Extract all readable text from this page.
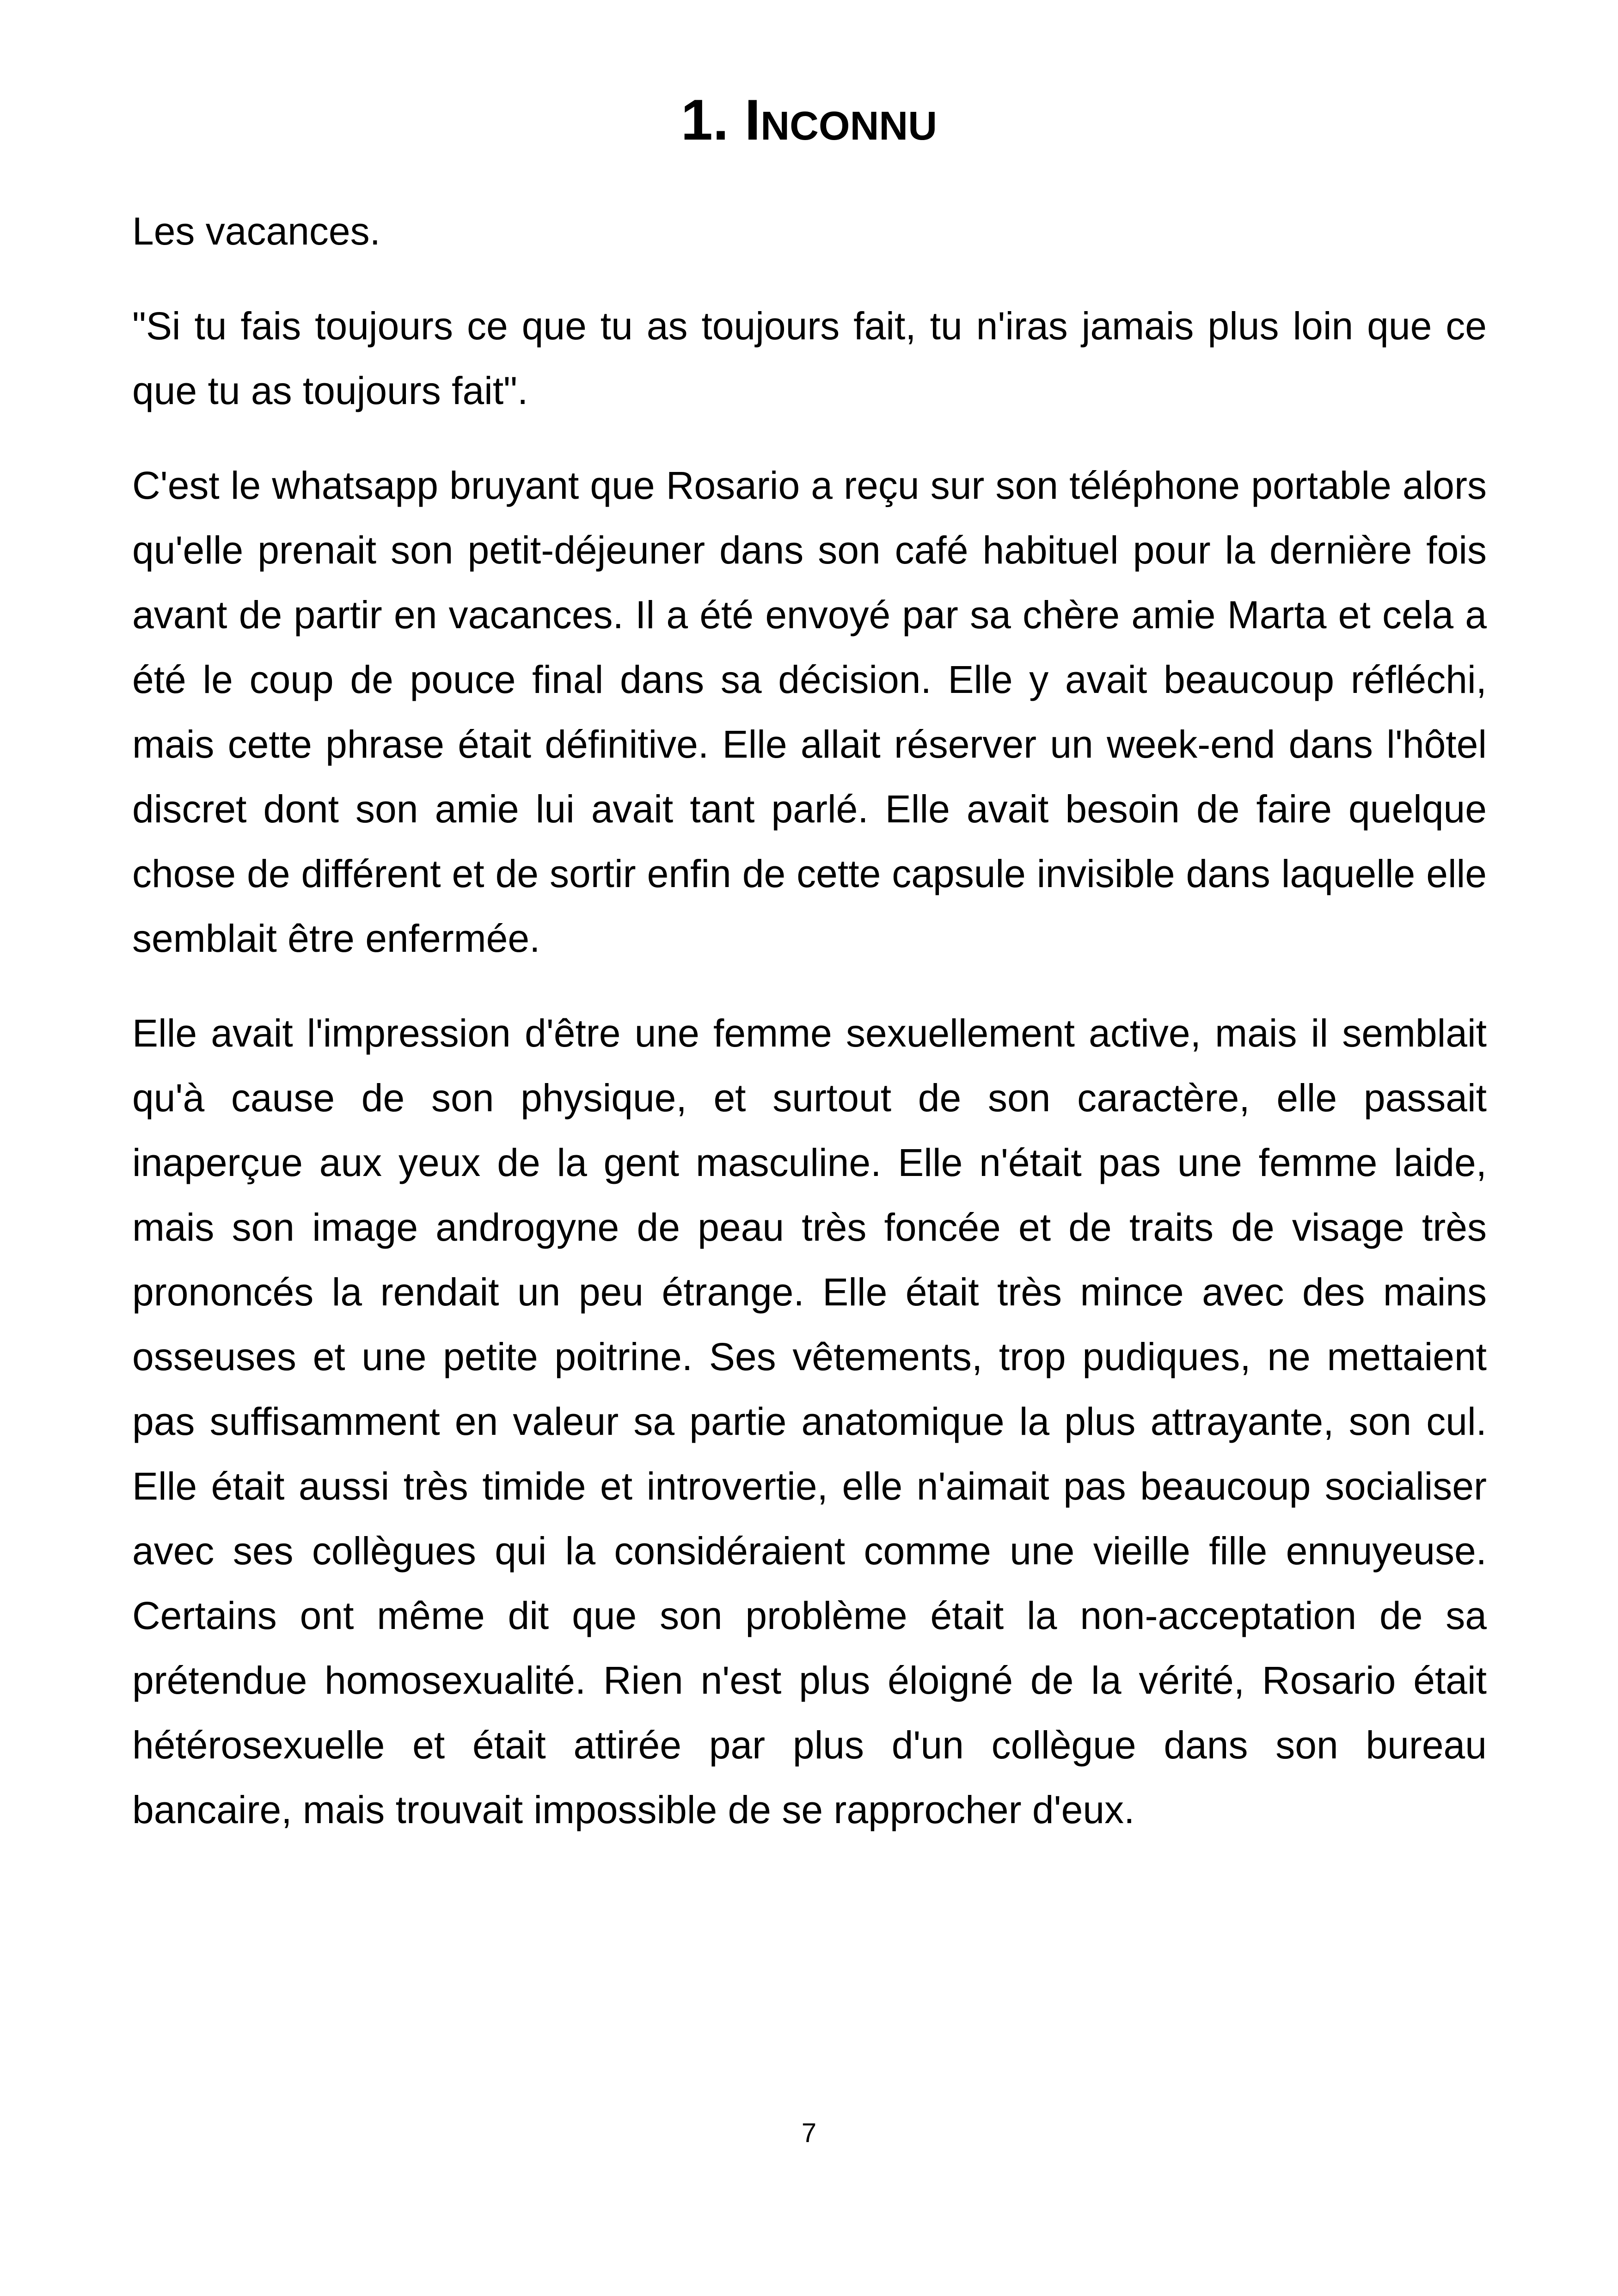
1. Inconnu

Les vacances.

"Si tu fais toujours ce que tu as toujours fait, tu n'iras jamais plus loin que ce que tu as toujours fait".

C'est le whatsapp bruyant que Rosario a reçu sur son téléphone portable alors qu'elle prenait son petit-déjeuner dans son café habituel pour la dernière fois avant de partir en vacances. Il a été envoyé par sa chère amie Marta et cela a été le coup de pouce final dans sa décision. Elle y avait beaucoup réfléchi, mais cette phrase était définitive. Elle allait réserver un week-end dans l'hôtel discret dont son amie lui avait tant parlé. Elle avait besoin de faire quelque chose de différent et de sortir enfin de cette capsule invisible dans laquelle elle semblait être enfermée.

Elle avait l'impression d'être une femme sexuellement active, mais il semblait qu'à cause de son physique, et surtout de son caractère, elle passait inaperçue aux yeux de la gent masculine. Elle n'était pas une femme laide, mais son image androgyne de peau très foncée et de traits de visage très prononcés la rendait un peu étrange. Elle était très mince avec des mains osseuses et une petite poitrine. Ses vêtements, trop pudiques, ne mettaient pas suffisamment en valeur sa partie anatomique la plus attrayante, son cul. Elle était aussi très timide et introvertie, elle n'aimait pas beaucoup socialiser avec ses collègues qui la considéraient comme une vieille fille ennuyeuse. Certains ont même dit que son problème était la non-acceptation de sa prétendue homosexualité. Rien n'est plus éloigné de la vérité, Rosario était hétérosexuelle et était attirée par plus d'un collègue dans son bureau bancaire, mais trouvait impossible de se rapprocher d'eux.

7
